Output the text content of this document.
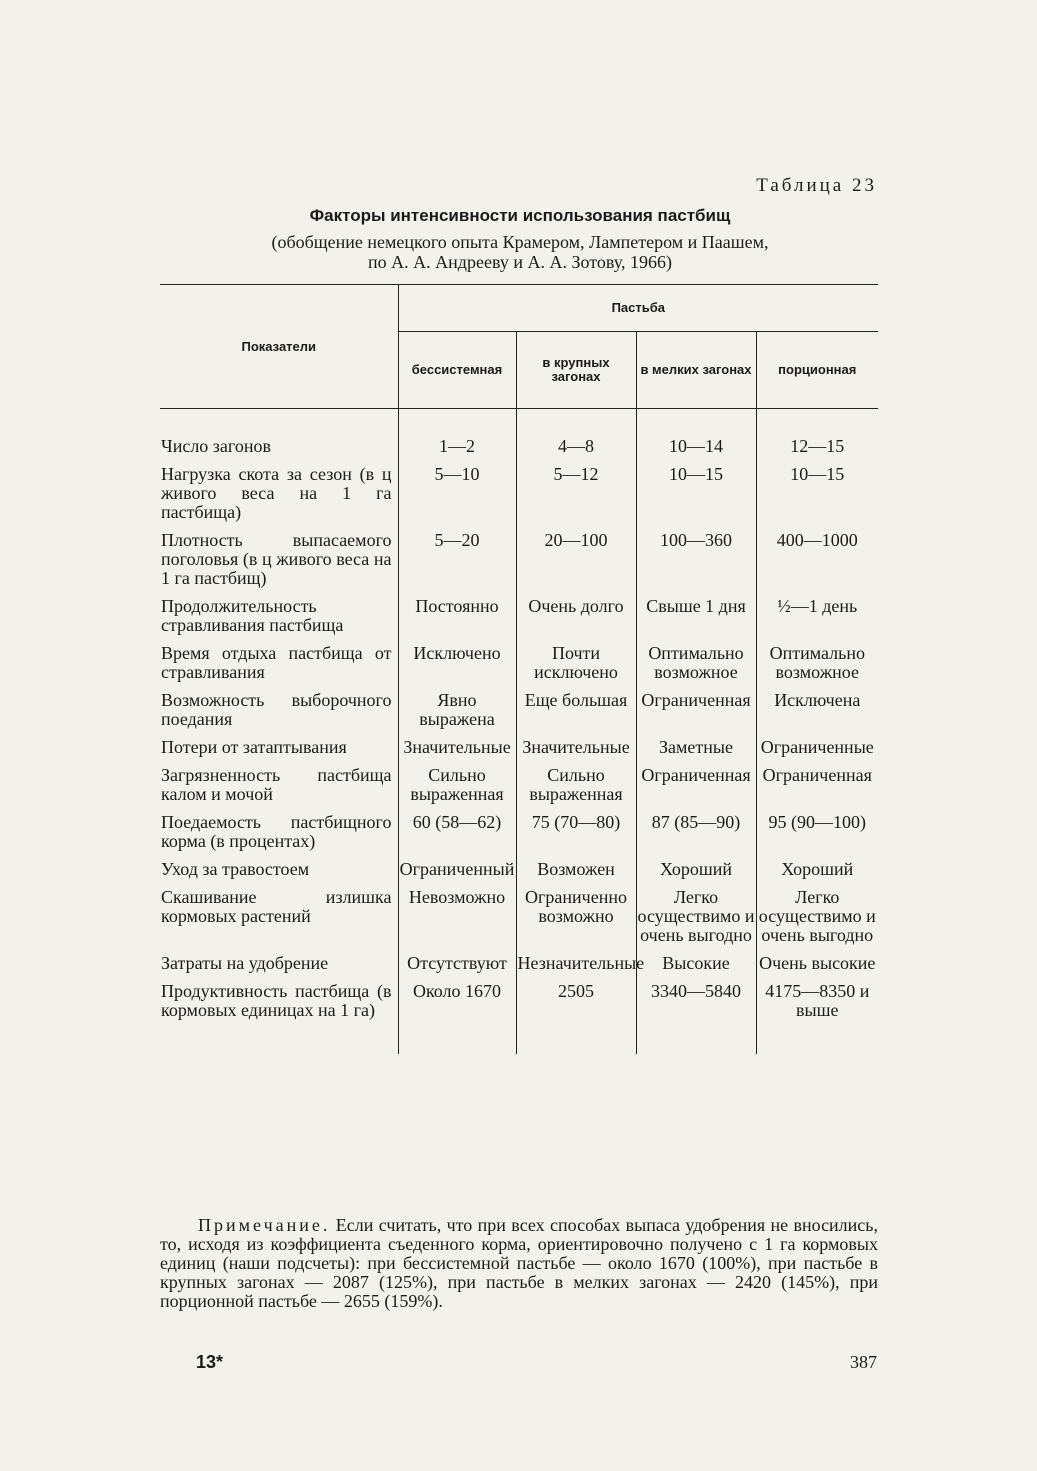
Таблица 23
Факторы интенсивности использования пастбищ
(обобщение немецкого опыта Крамером, Лампетером и Паашем,
по А. А. Андрееву и А. А. Зотову, 1966)
Показатели	Пастьба			
	бессистемная	в крупных загонах	в мелких загонах	порционная
Число загонов	1—2	4—8	10—14	12—15
Нагрузка скота за сезон (в ц живого веса на 1 га пастбища)	5—10	5—12	10—15	10—15
Плотность выпасаемого поголовья (в ц живого веса на 1 га пастбищ)	5—20	20—100	100—360	400—1000
Продолжительность стравливания пастбища	Постоянно	Очень долго	Свыше 1 дня	½—1 день
Время отдыха пастбища от стравливания	Исключено	Почти исключено	Оптимально возможное	Оптимально возможное
Возможность выборочного поедания	Явно выражена	Еще большая	Ограниченная	Исключена
Потери от затаптывания	Значительные	Значительные	Заметные	Ограниченные
Загрязненность пастбища калом и мочой	Сильно выраженная	Сильно выраженная	Ограниченная	Ограниченная
Поедаемость пастбищного корма (в процентах)	60 (58—62)	75 (70—80)	87 (85—90)	95 (90—100)
Уход за травостоем	Ограниченный	Возможен	Хороший	Хороший
Скашивание излишка кормовых растений	Невозможно	Ограниченно возможно	Легко осуществимо и очень выгодно	Легко осуществимо и очень выгодно
Затраты на удобрение	Отсутствуют	Незначительные	Высокие	Очень высокие
Продуктивность пастбища (в кормовых единицах на 1 га)	Около 1670	2505	3340—5840	4175—8350 и выше
Примечание. Если считать, что при всех способах выпаса удобрения не вносились, то, исходя из коэффициента съеденного корма, ориентировочно получено с 1 га кормовых единиц (наши подсчеты): при бессистемной пастьбе — около 1670 (100%), при пастьбе в крупных загонах — 2087 (125%), при пастьбе в мелких загонах — 2420 (145%), при порционной пастьбе — 2655 (159%).
13*	387
